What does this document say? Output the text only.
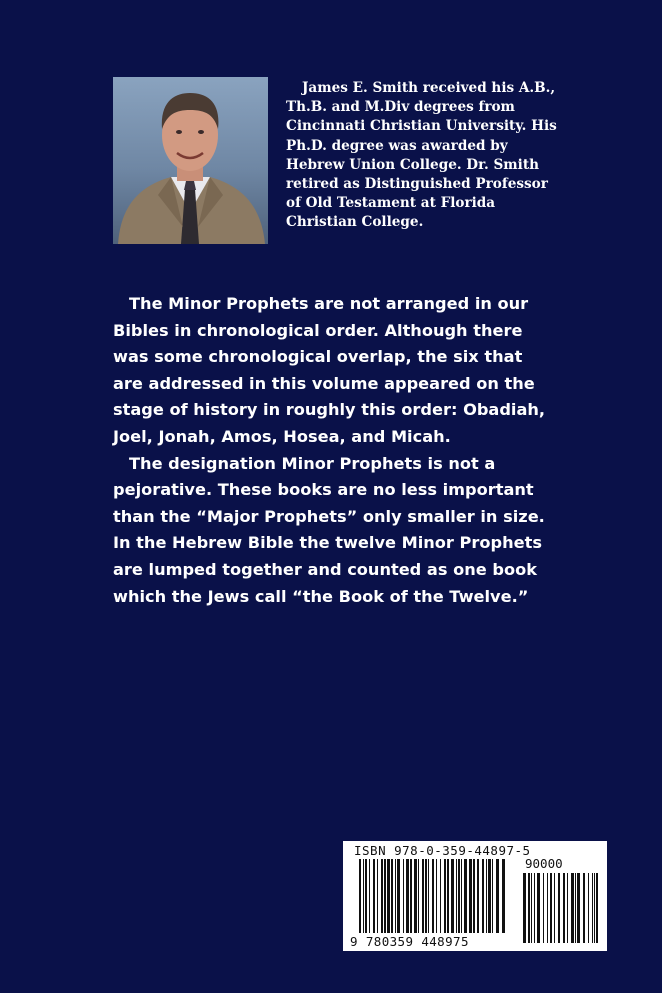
James E. Smith received his A.B., Th.B. and M.Div degrees from Cincinnati Christian University. His Ph.D. degree was awarded by Hebrew Union College. Dr. Smith retired as Distinguished Professor of Old Testament at Florida Christian College.

The Minor Prophets are not arranged in our Bibles in chronological order. Although there was some chronological overlap, the six that are addressed in this volume appeared on the stage of history in roughly this order: Obadiah, Joel, Jonah, Amos, Hosea, and Micah.

The designation Minor Prophets is not a pejorative. These books are no less important than the “Major Prophets” only smaller in size. In the Hebrew Bible the twelve Minor Prophets are lumped together and counted as one book which the Jews call “the Book of the Twelve.”

ISBN 978-0-359-44897-5
90000
9 780359 448975
